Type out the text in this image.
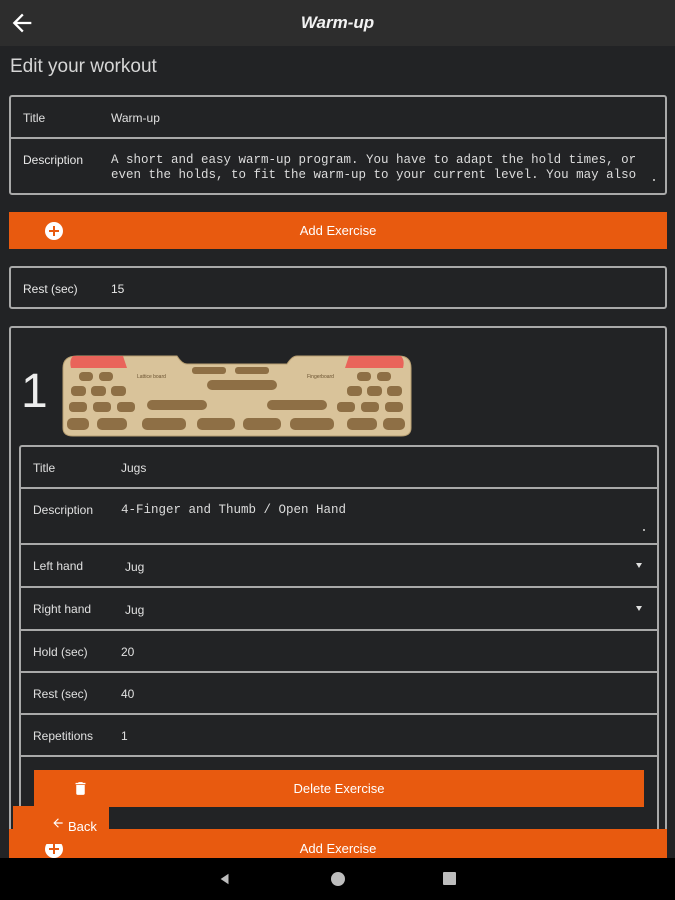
Warm-up
Edit your workout
Title	Warm-up
Description A short and easy warm-up program. You have to adapt the hold times, or
even the holds, to fit the warm-up to your current level. You may also
Add Exercise
Rest (sec)	15
1	Lattice board	Fingerboard
Title	Jugs
Description 4-Finger and Thumb / Open Hand
Left hand	Jug
Right hand	Jug
Hold (sec)	20
Rest (sec)	40
Repetitions 1
Delete Exercise
Add Exercise
Back
